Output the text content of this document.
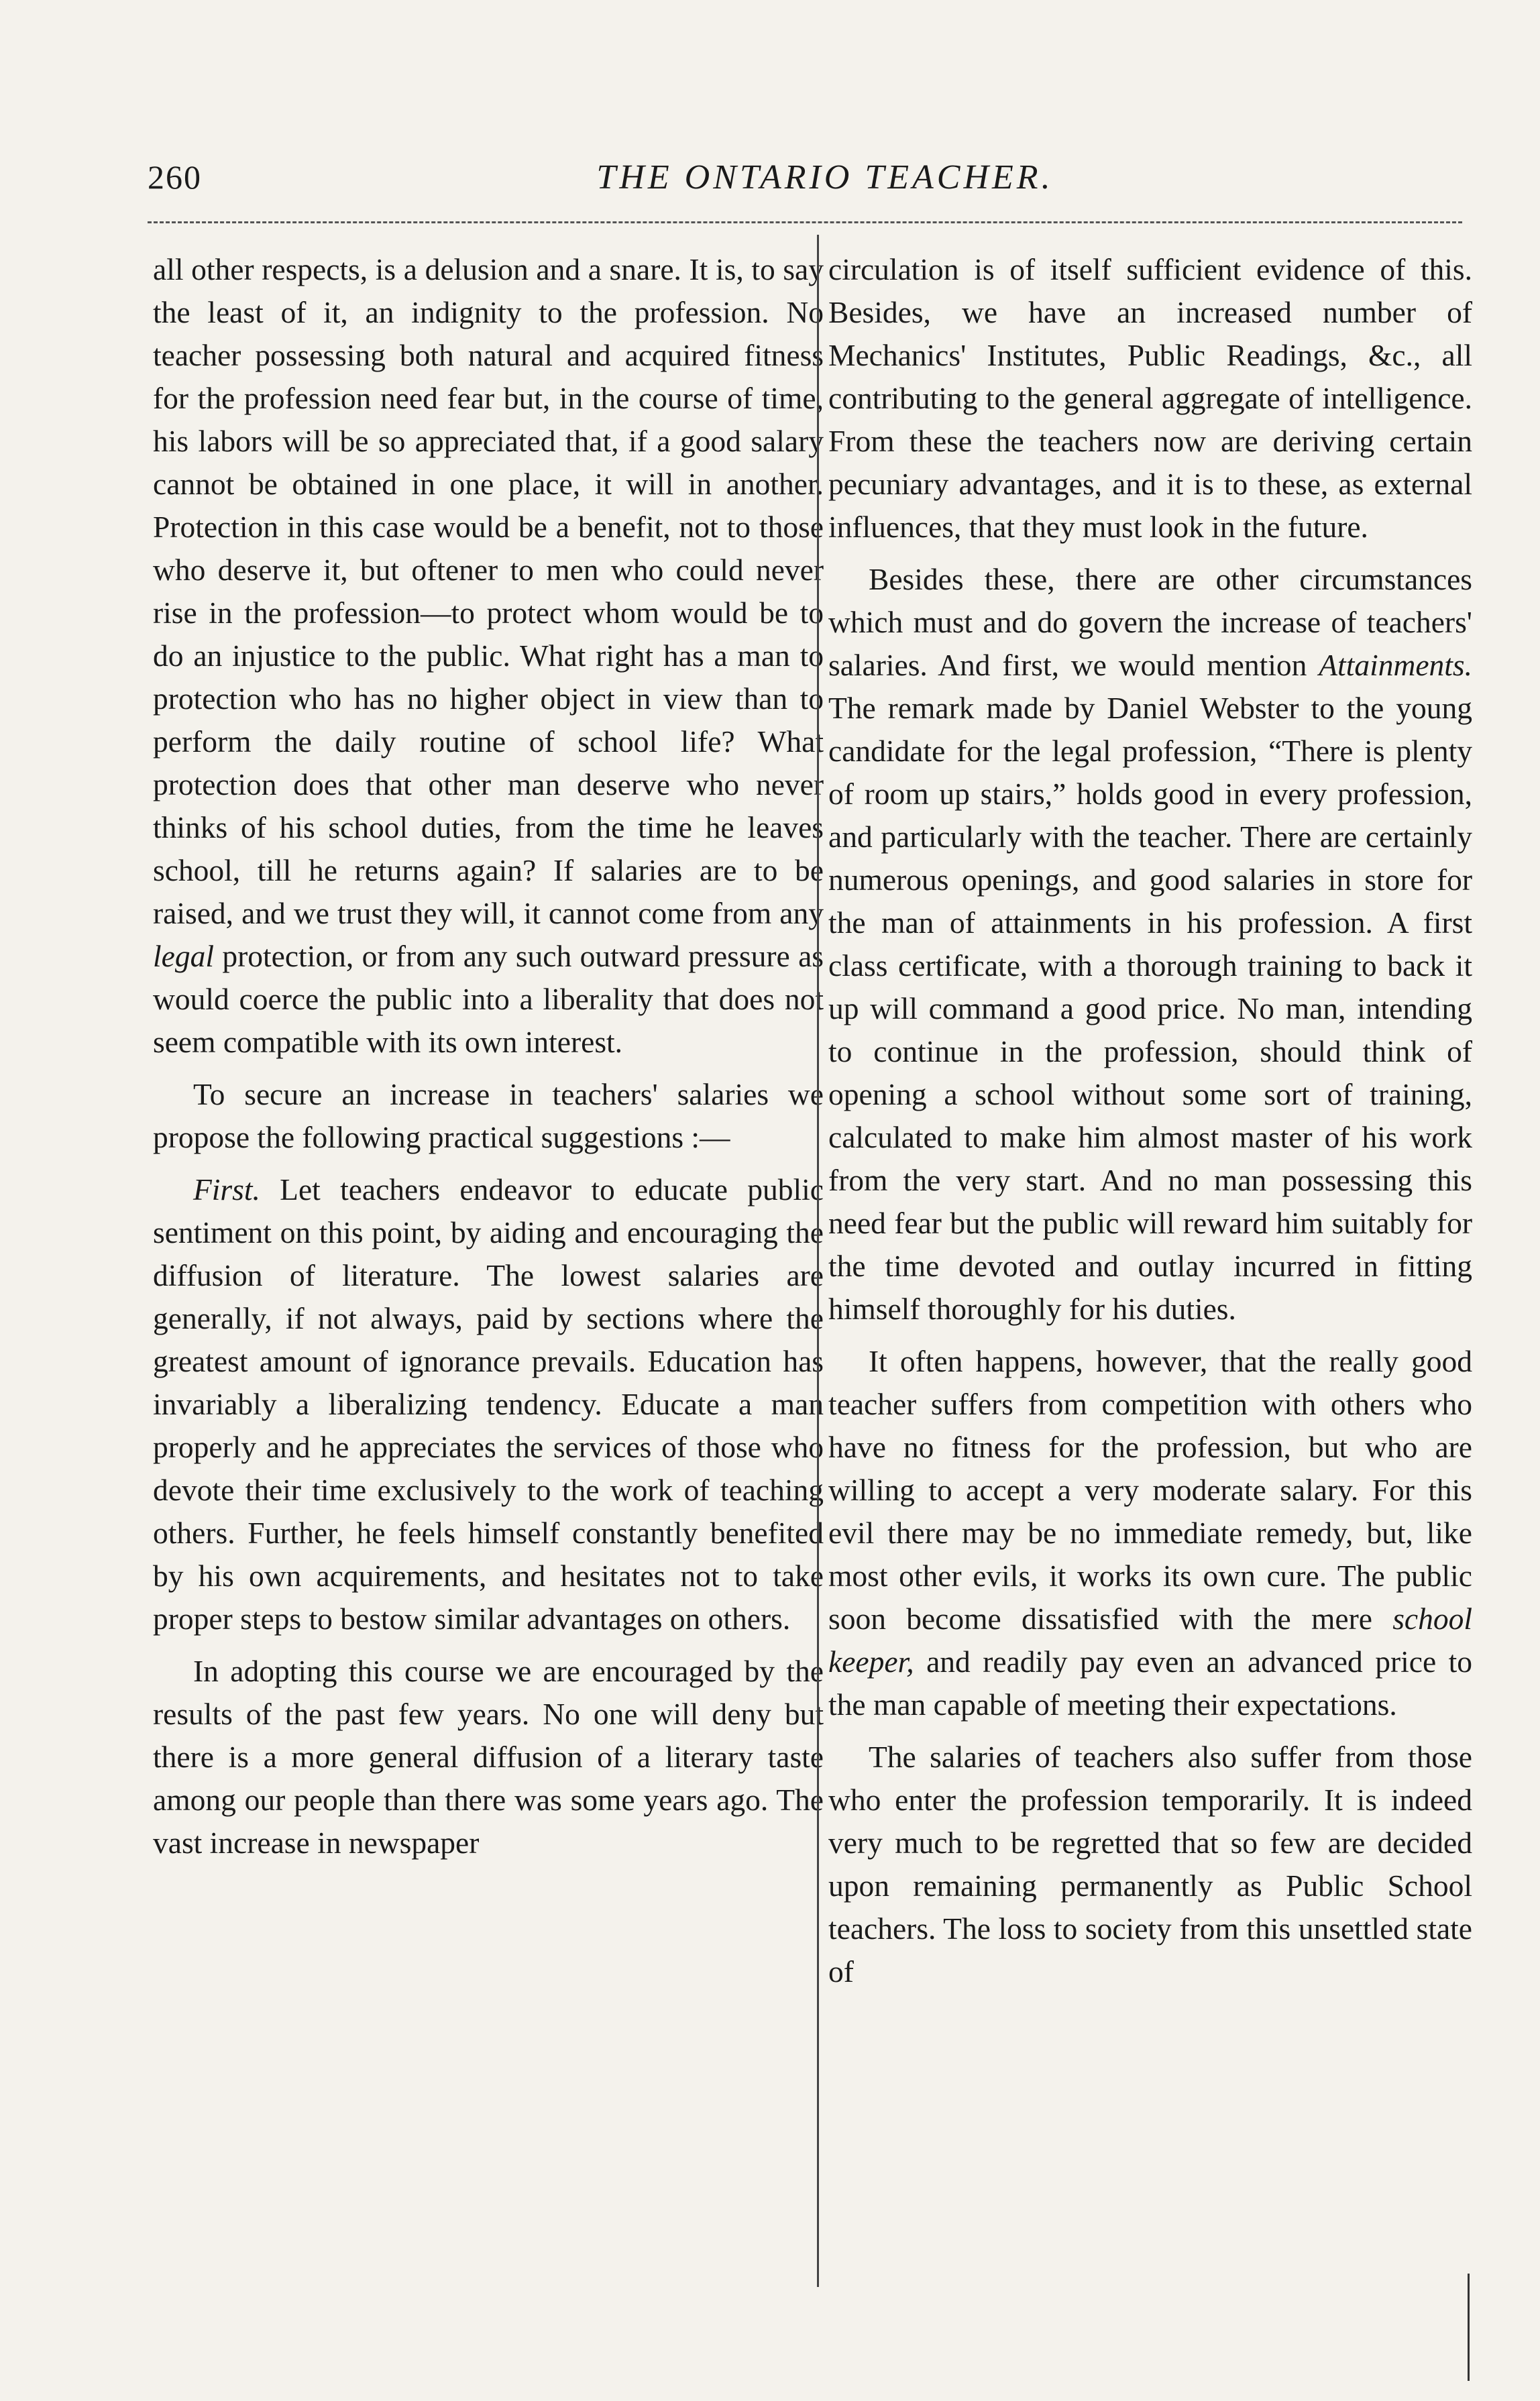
260	THE ONTARIO TEACHER.

all other respects, is a delusion and a snare. It is, to say the least of it, an indignity to the profession. No teacher possessing both natural and acquired fitness for the profession need fear but, in the course of time, his labors will be so appreciated that, if a good salary cannot be obtained in one place, it will in another. Protection in this case would be a benefit, not to those who deserve it, but oftener to men who could never rise in the profession—to protect whom would be to do an injustice to the public. What right has a man to protection who has no higher object in view than to perform the daily routine of school life? What protection does that other man deserve who never thinks of his school duties, from the time he leaves school, till he returns again? If salaries are to be raised, and we trust they will, it cannot come from any legal protection, or from any such outward pressure as would coerce the public into a liberality that does not seem compatible with its own interest.

To secure an increase in teachers' salaries we propose the following practical suggestions :—

First. Let teachers endeavor to educate public sentiment on this point, by aiding and encouraging the diffusion of literature. The lowest salaries are generally, if not always, paid by sections where the greatest amount of ignorance prevails. Education has invariably a liberalizing tendency. Educate a man properly and he appreciates the services of those who devote their time exclusively to the work of teaching others. Further, he feels himself constantly benefited by his own acquirements, and hesitates not to take proper steps to bestow similar advantages on others.

In adopting this course we are encouraged by the results of the past few years. No one will deny but there is a more general diffusion of a literary taste among our people than there was some years ago. The vast increase in newspaper

circulation is of itself sufficient evidence of this. Besides, we have an increased number of Mechanics' Institutes, Public Readings, &c., all contributing to the general aggregate of intelligence. From these the teachers now are deriving certain pecuniary advantages, and it is to these, as external influences, that they must look in the future.

Besides these, there are other circumstances which must and do govern the increase of teachers' salaries. And first, we would mention Attainments. The remark made by Daniel Webster to the young candidate for the legal profession, “There is plenty of room up stairs,” holds good in every profession, and particularly with the teacher. There are certainly numerous openings, and good salaries in store for the man of attainments in his profession. A first class certificate, with a thorough training to back it up will command a good price. No man, intending to continue in the profession, should think of opening a school without some sort of training, calculated to make him almost master of his work from the very start. And no man possessing this need fear but the public will reward him suitably for the time devoted and outlay incurred in fitting himself thoroughly for his duties.

It often happens, however, that the really good teacher suffers from competition with others who have no fitness for the profession, but who are willing to accept a very moderate salary. For this evil there may be no immediate remedy, but, like most other evils, it works its own cure. The public soon become dissatisfied with the mere school keeper, and readily pay even an advanced price to the man capable of meeting their expectations.

The salaries of teachers also suffer from those who enter the profession temporarily. It is indeed very much to be regretted that so few are decided upon remaining permanently as Public School teachers. The loss to society from this unsettled state of
